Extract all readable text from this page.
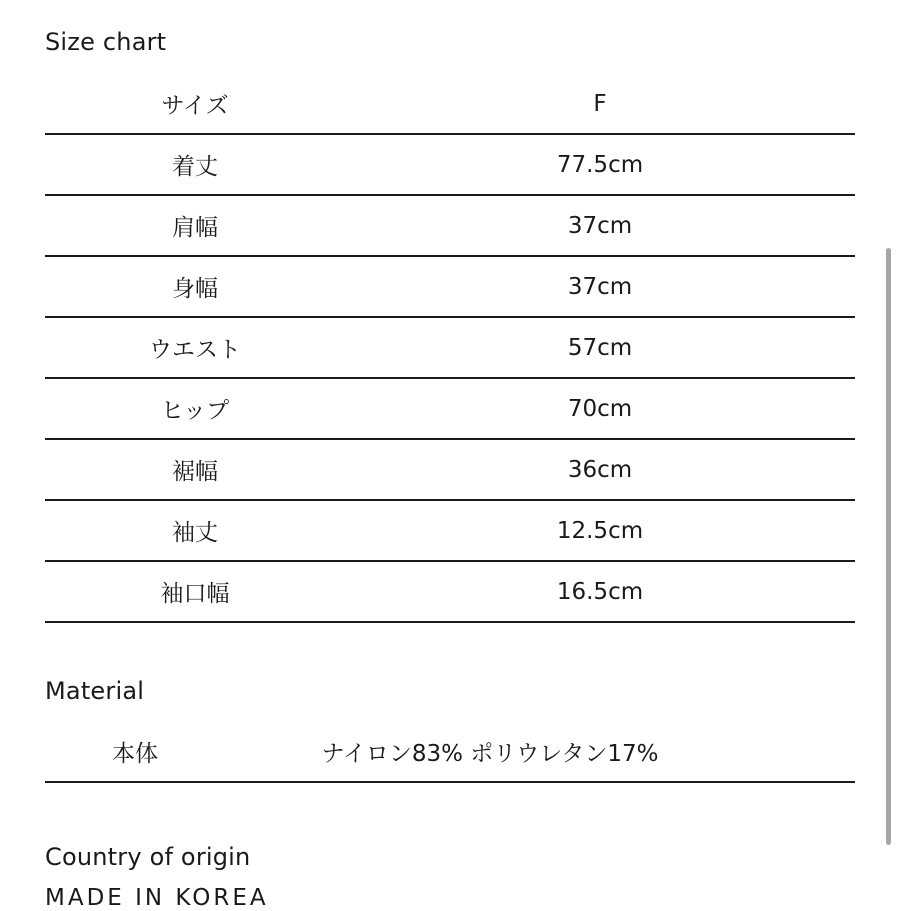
Size chart
サイズ	F
着丈	77.5cm
肩幅	37cm
身幅	37cm
ウエスト	57cm
ヒップ	70cm
裾幅	36cm
袖丈	12.5cm
袖口幅	16.5cm
Material
本体	ナイロン83% ポリウレタン17%
Country of origin

MADE IN KOREA
